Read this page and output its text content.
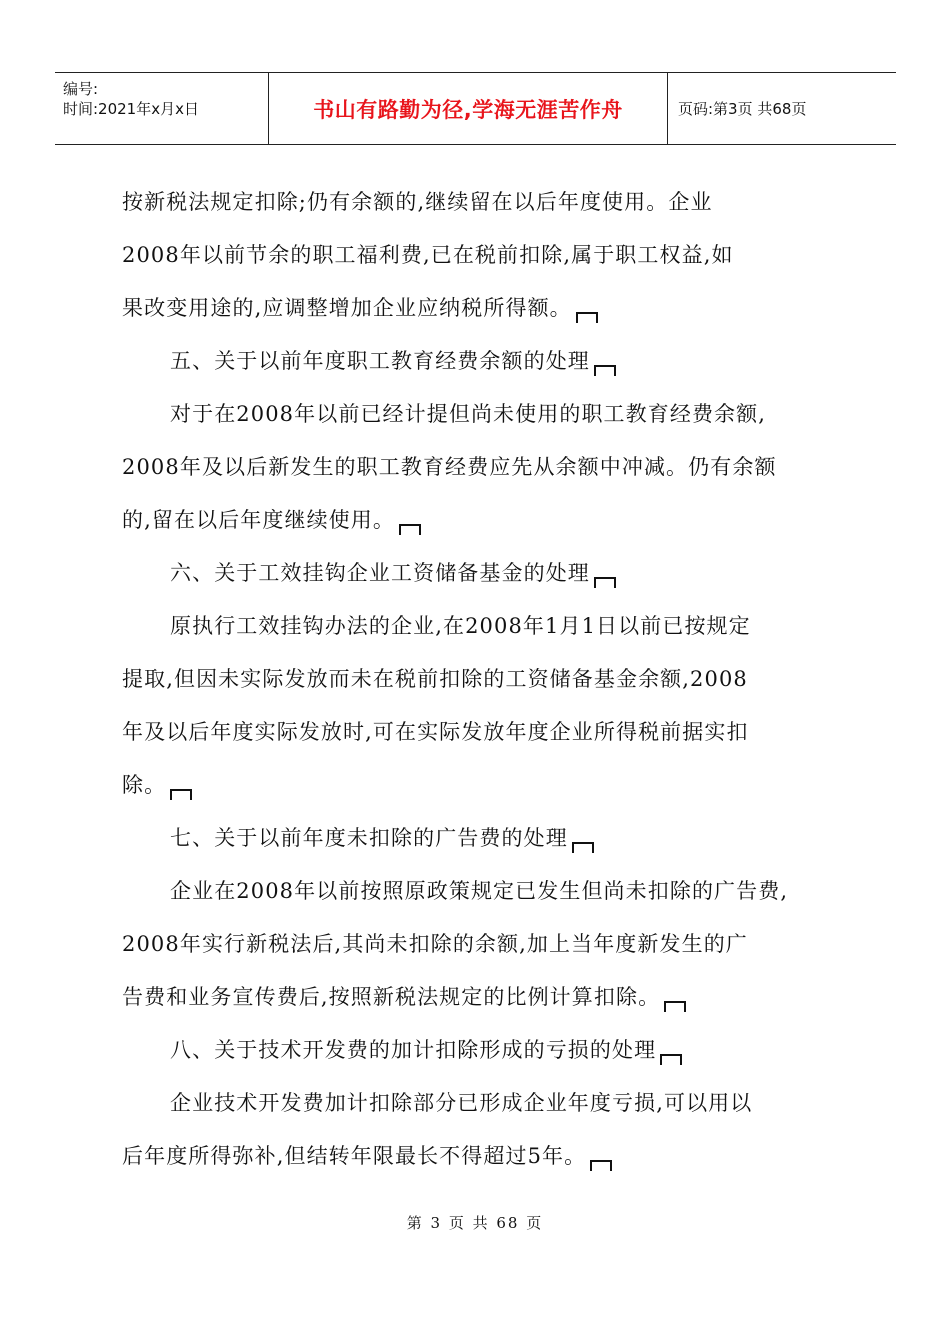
编号:
时间:2021年x月x日	书山有路勤为径,学海无涯苦作舟	页码:第3页 共68页
按新税法规定扣除;仍有余额的,继续留在以后年度使用。企业
2008年以前节余的职工福利费,已在税前扣除,属于职工权益,如
果改变用途的,应调整增加企业应纳税所得额。
五、关于以前年度职工教育经费余额的处理
对于在2008年以前已经计提但尚未使用的职工教育经费余额,
2008年及以后新发生的职工教育经费应先从余额中冲减。仍有余额
的,留在以后年度继续使用。
六、关于工效挂钩企业工资储备基金的处理
原执行工效挂钩办法的企业,在2008年1月1日以前已按规定
提取,但因未实际发放而未在税前扣除的工资储备基金余额,2008
年及以后年度实际发放时,可在实际发放年度企业所得税前据实扣
除。
七、关于以前年度未扣除的广告费的处理
企业在2008年以前按照原政策规定已发生但尚未扣除的广告费,
2008年实行新税法后,其尚未扣除的余额,加上当年度新发生的广
告费和业务宣传费后,按照新税法规定的比例计算扣除。
八、关于技术开发费的加计扣除形成的亏损的处理
企业技术开发费加计扣除部分已形成企业年度亏损,可以用以
后年度所得弥补,但结转年限最长不得超过5年。
第 3 页 共 68 页
